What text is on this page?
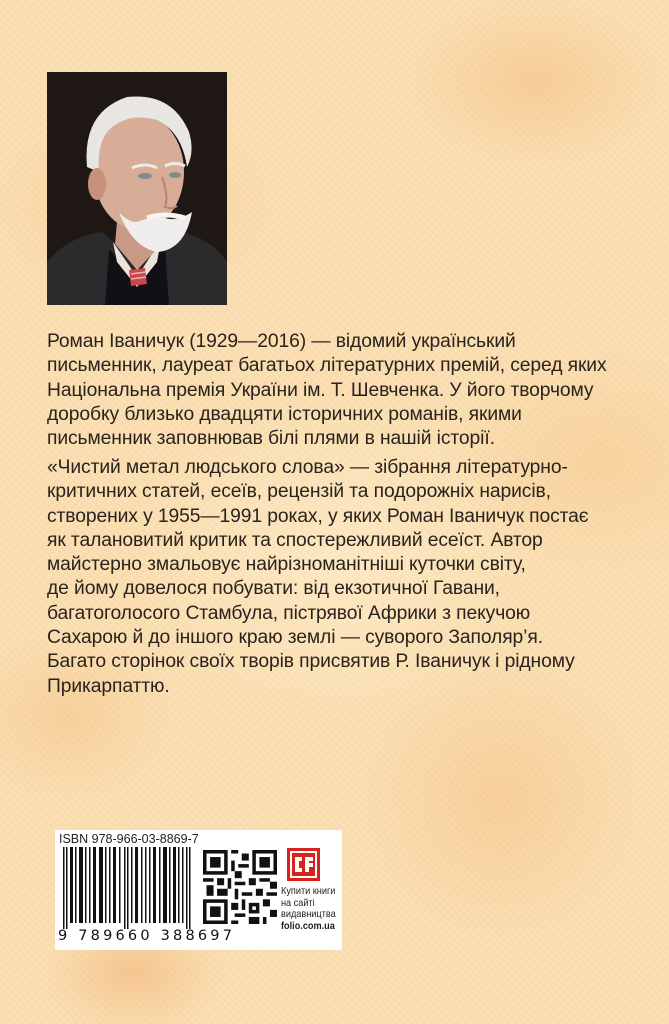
Роман Іваничук (1929—2016) — відомий український
письменник, лауреат багатьох літературних премій, серед яких
Національна премія України ім. Т. Шевченка. У його творчому
доробку близько двадцяти історичних романів, якими
письменник заповнював білі плями в нашій історії.
«Чистий метал людського слова» — зібрання літературно-
критичних статей, есеїв, рецензій та подорожніх нарисів,
створених у 1955—1991 роках, у яких Роман Іваничук постає
як талановитий критик та спостережливий есеїст. Автор
майстерно змальовує найрізноманітніші куточки світу,
де йому довелося побувати: від екзотичної Гавани,
багатоголосого Стамбула, пістрявої Африки з пекучою
Сахарою й до іншого краю землі — суворого Заполяр’я.
Багато сторінок своїх творів присвятив Р. Іваничук і рідному
Прикарпаттю.
ISBN 978-966-03-8869-7
9 789660 388697
Купити книги
на сайті
видавництва
folio.com.ua
